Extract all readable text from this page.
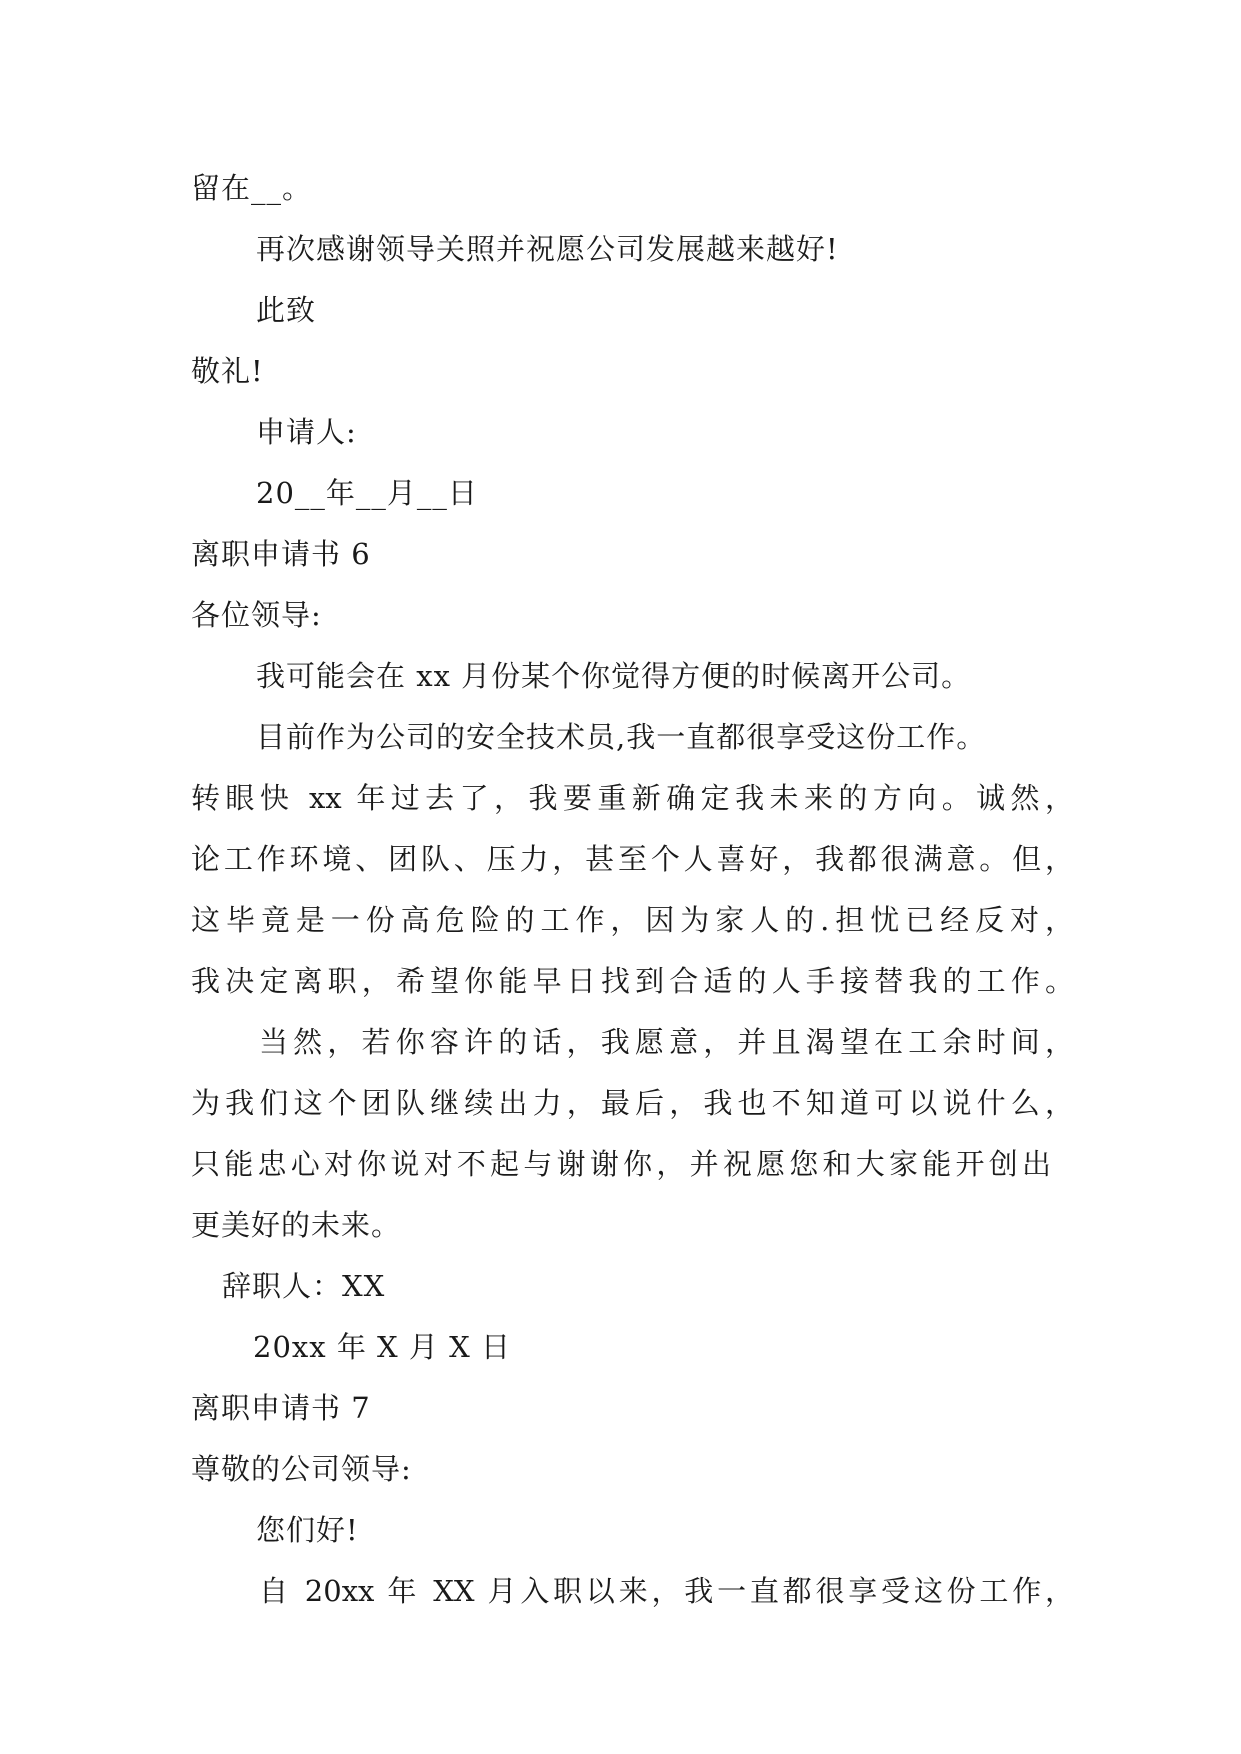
留在__。
再次感谢领导关照并祝愿公司发展越来越好!
此致
敬礼!
申请人:
20__年__月__日
离职申请书 6
各位领导:
我可能会在 xx 月份某个你觉得方便的时候离开公司。
目前作为公司的安全技术员,我一直都很享受这份工作。
转眼快 xx 年过去了，我要重新确定我未来的方向。诚然，
论工作环境、团队、压力，甚至个人喜好，我都很满意。但，
这毕竟是一份高危险的工作，因为家人的.担忧已经反对，
我决定离职，希望你能早日找到合适的人手接替我的工作。
当然，若你容许的话，我愿意，并且渴望在工余时间，
为我们这个团队继续出力，最后，我也不知道可以说什么，
只能忠心对你说对不起与谢谢你，并祝愿您和大家能开创出
更美好的未来。
辞职人：XX
20xx 年 X 月 X 日
离职申请书 7
尊敬的公司领导:
您们好!
自 20xx 年 XX 月入职以来，我一直都很享受这份工作，
